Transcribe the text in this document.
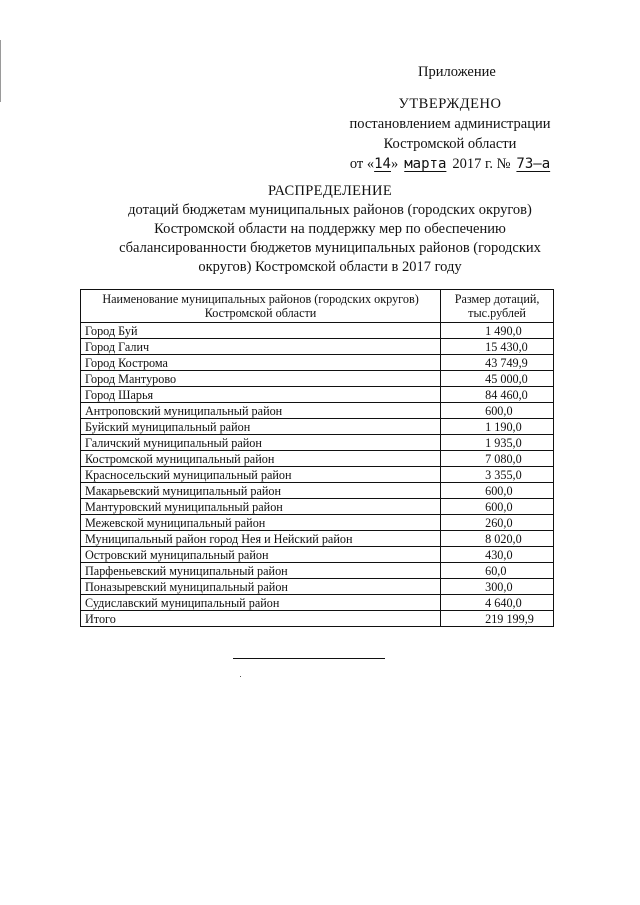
Приложение
УТВЕРЖДЕНО
постановлением администрации
Костромской области
от «14» марта 2017 г. № 73–а
РАСПРЕДЕЛЕНИЕ
дотаций бюджетам муниципальных районов (городских округов)
Костромской области на поддержку мер по обеспечению
сбалансированности бюджетов муниципальных районов (городских
округов) Костромской области в 2017 году
Наименование муниципальных районов (городских округов) Костромской области	Размер дотаций, тыс.рублей
Город Буй	1 490,0
Город Галич	15 430,0
Город Кострома	43 749,9
Город Мантурово	45 000,0
Город Шарья	84 460,0
Антроповский муниципальный район	600,0
Буйский муниципальный район	1 190,0
Галичский муниципальный район	1 935,0
Костромской муниципальный район	7 080,0
Красносельский муниципальный район	3 355,0
Макарьевский муниципальный район	600,0
Мантуровский муниципальный район	600,0
Межевской муниципальный район	260,0
Муниципальный район город Нея и Нейский район	8 020,0
Островский муниципальный район	430,0
Парфеньевский муниципальный район	60,0
Поназыревский муниципальный район	300,0
Судиславский муниципальный район	4 640,0
Итого	219 199,9
